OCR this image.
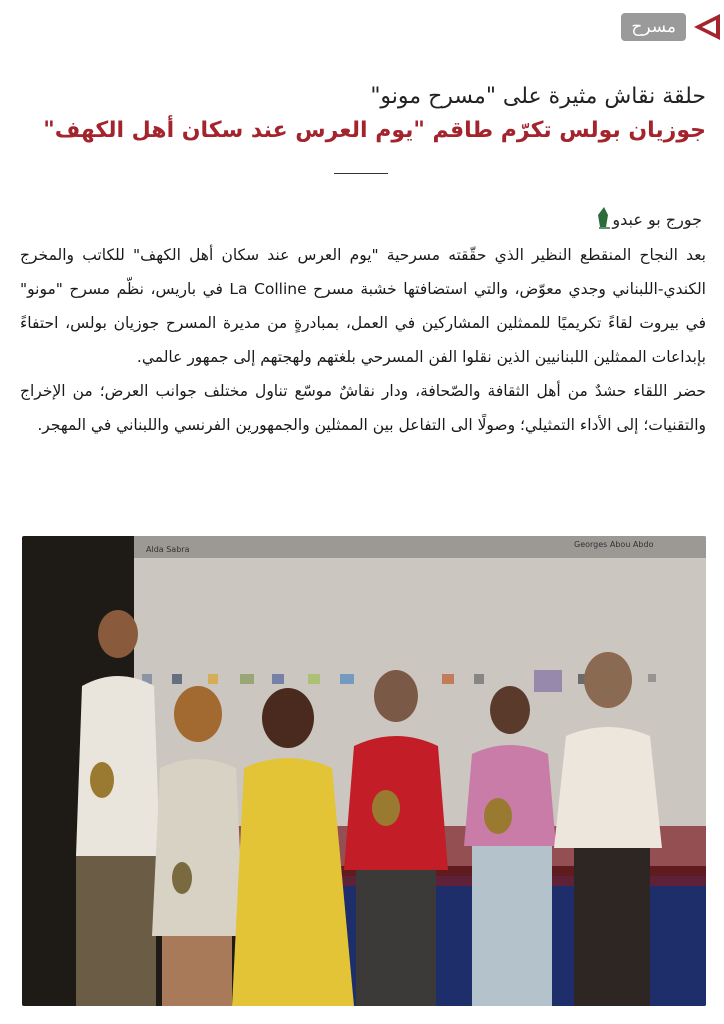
مسرح
حلقة نقاش مثيرة على "مسرح مونو"
جوزيان بولس تكرّم طاقم "يوم العرس عند سكان أهل الكهف"
جورج بو عبدو

بعد النجاح المنقطع النظير الذي حقّقته مسرحية "يوم العرس عند سكان أهل الكهف" للكاتب والمخرج الكندي-اللبناني وجدي معوّض، والتي استضافتها خشبة مسرح La Colline في باريس، نظّم مسرح "مونو" في بيروت لقاءً تكريميًا للممثلين المشاركين في العمل، بمبادرةٍ من مديرة المسرح جوزيان بولس، احتفاءً بإبداعات الممثلين اللبنانيين الذين نقلوا الفن المسرحي بلغتهم ولهجتهم إلى جمهور عالمي.

حضر اللقاء حشدٌ من أهل الثقافة والصّحافة، ودار نقاشٌ موسّع تناول مختلف جوانب العرض؛ من الإخراج والتقنيات؛ إلى الأداء التمثيلي؛ وصولًا الى التفاعل بين الممثلين والجمهورين الفرنسي واللبناني في المهجر.

Alda Sabra
Georges Abou Abdo
